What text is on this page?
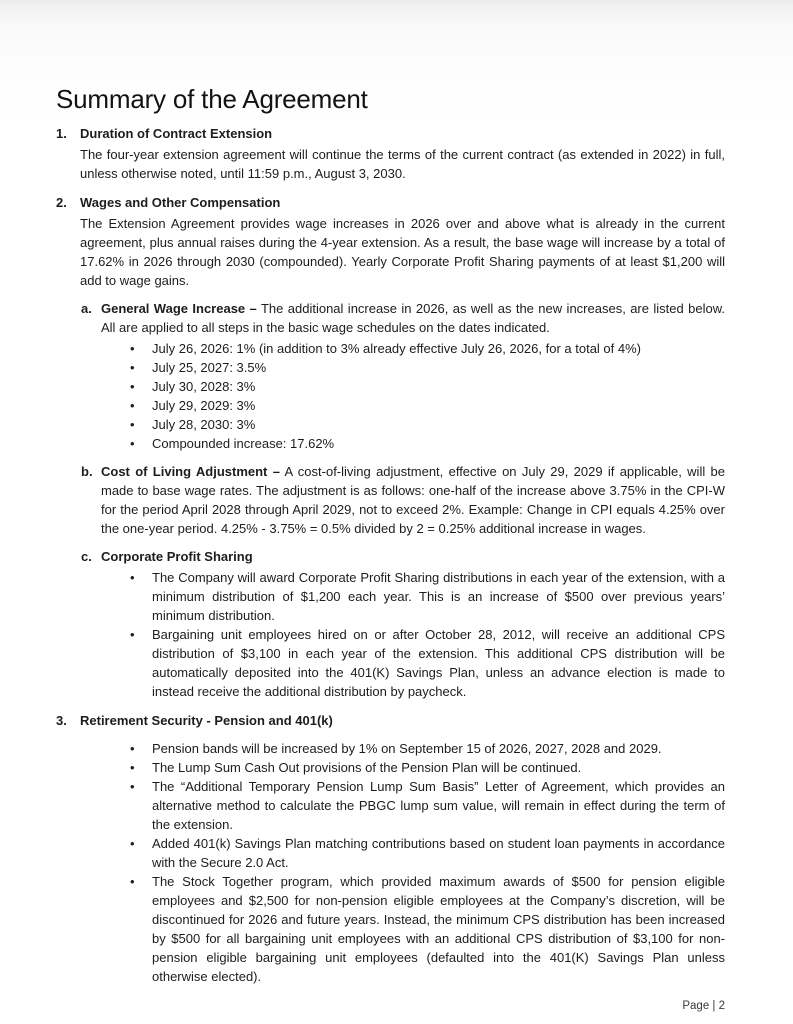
Summary of the Agreement
1.	Duration of Contract Extension
The four-year extension agreement will continue the terms of the current contract (as extended in 2022) in full, unless otherwise noted, until 11:59 p.m., August 3, 2030.
2.	Wages and Other Compensation
The Extension Agreement provides wage increases in 2026 over and above what is already in the current agreement, plus annual raises during the 4-year extension. As a result, the base wage will increase by a total of 17.62% in 2026 through 2030 (compounded). Yearly Corporate Profit Sharing payments of at least $1,200 will add to wage gains.
a. General Wage Increase – The additional increase in 2026, as well as the new increases, are listed below. All are applied to all steps in the basic wage schedules on the dates indicated.
•	July 26, 2026: 1% (in addition to 3% already effective July 26, 2026, for a total of 4%)
•	July 25, 2027: 3.5%
•	July 30, 2028: 3%
•	July 29, 2029: 3%
•	July 28, 2030: 3%
•	Compounded increase: 17.62%
b. Cost of Living Adjustment – A cost-of-living adjustment, effective on July 29, 2029 if applicable, will be made to base wage rates. The adjustment is as follows: one-half of the increase above 3.75% in the CPI-W for the period April 2028 through April 2029, not to exceed 2%. Example: Change in CPI equals 4.25% over the one-year period. 4.25% - 3.75% = 0.5% divided by 2 = 0.25% additional increase in wages.
c. Corporate Profit Sharing
•	The Company will award Corporate Profit Sharing distributions in each year of the extension, with a minimum distribution of $1,200 each year. This is an increase of $500 over previous years’ minimum distribution.
•	Bargaining unit employees hired on or after October 28, 2012, will receive an additional CPS distribution of $3,100 in each year of the extension. This additional CPS distribution will be automatically deposited into the 401(K) Savings Plan, unless an advance election is made to instead receive the additional distribution by paycheck.
3.	Retirement Security - Pension and 401(k)
•	Pension bands will be increased by 1% on September 15 of 2026, 2027, 2028 and 2029.
•	The Lump Sum Cash Out provisions of the Pension Plan will be continued.
•	The “Additional Temporary Pension Lump Sum Basis” Letter of Agreement, which provides an alternative method to calculate the PBGC lump sum value, will remain in effect during the term of the extension.
•	Added 401(k) Savings Plan matching contributions based on student loan payments in accordance with the Secure 2.0 Act.
•	The Stock Together program, which provided maximum awards of $500 for pension eligible employees and $2,500 for non-pension eligible employees at the Company’s discretion, will be discontinued for 2026 and future years. Instead, the minimum CPS distribution has been increased by $500 for all bargaining unit employees with an additional CPS distribution of $3,100 for non-pension eligible bargaining unit employees (defaulted into the 401(K) Savings Plan unless otherwise elected).
Page | 2
